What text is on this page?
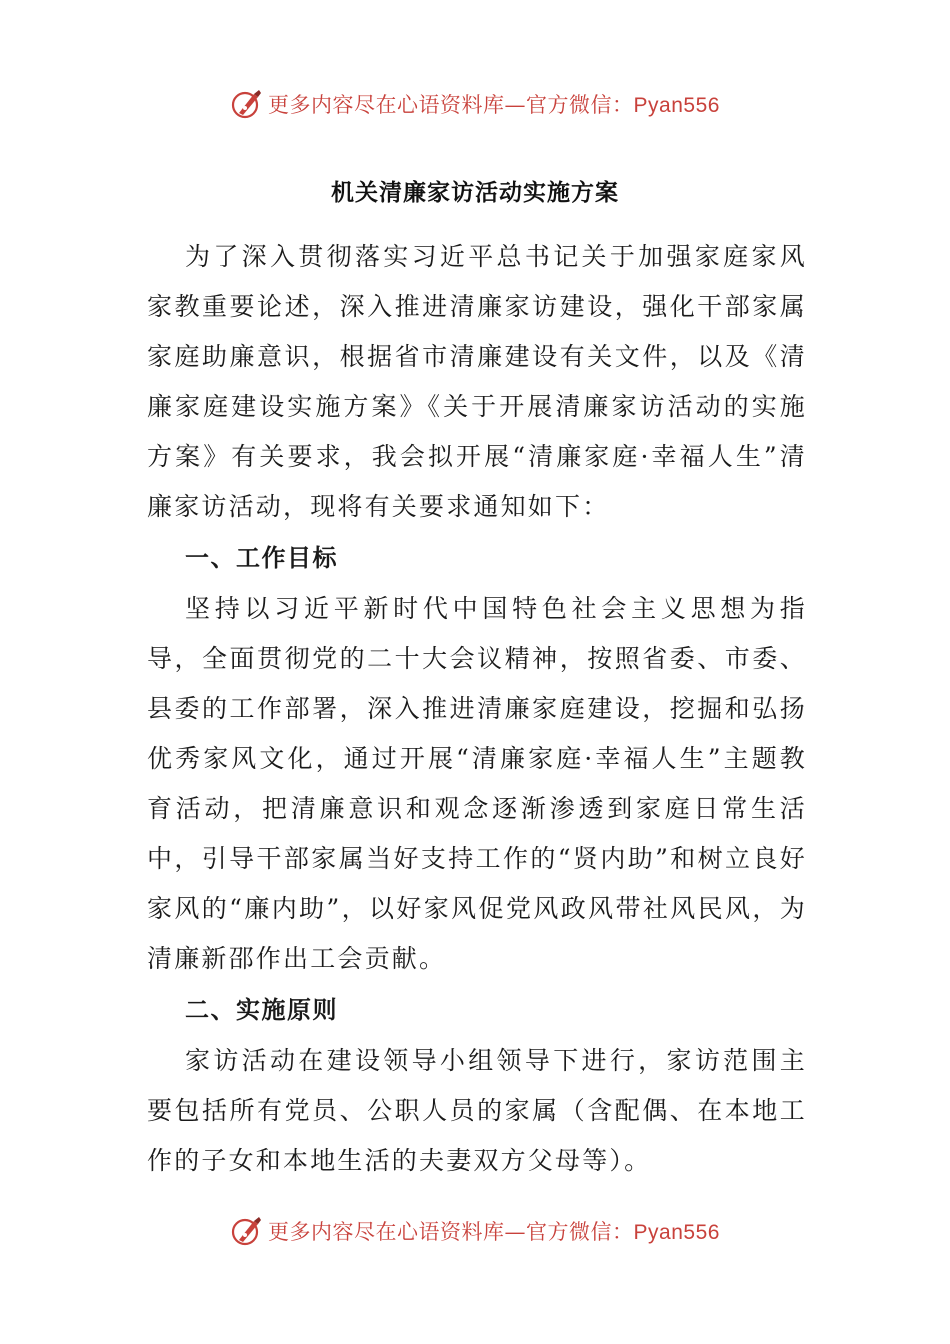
更多内容尽在心语资料库—官方微信：Pyan556
机关清廉家访活动实施方案

为了深入贯彻落实习近平总书记关于加强家庭家风家教重要论述，深入推进清廉家访建设，强化干部家属家庭助廉意识，根据省市清廉建设有关文件，以及《清廉家庭建设实施方案》《关于开展清廉家访活动的实施方案》有关要求，我会拟开展“清廉家庭·幸福人生”清廉家访活动，现将有关要求通知如下：

一、工作目标

坚持以习近平新时代中国特色社会主义思想为指导，全面贯彻党的二十大会议精神，按照省委、市委、县委的工作部署，深入推进清廉家庭建设，挖掘和弘扬优秀家风文化，通过开展“清廉家庭·幸福人生”主题教育活动，把清廉意识和观念逐渐渗透到家庭日常生活中，引导干部家属当好支持工作的“贤内助”和树立良好家风的“廉内助”，以好家风促党风政风带社风民风，为清廉新邵作出工会贡献。

二、实施原则

家访活动在建设领导小组领导下进行，家访范围主要包括所有党员、公职人员的家属（含配偶、在本地工作的子女和本地生活的夫妻双方父母等）。

更多内容尽在心语资料库—官方微信：Pyan556
